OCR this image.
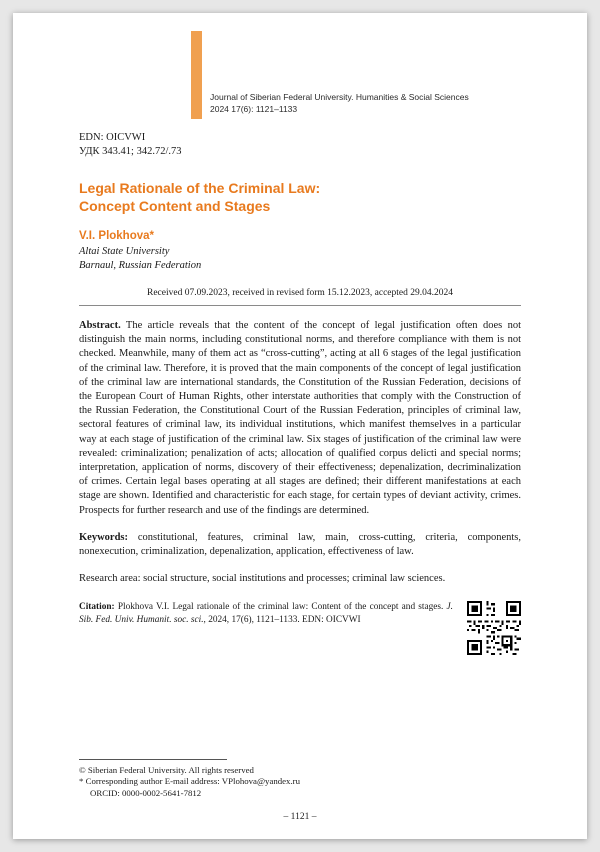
Journal of Siberian Federal University. Humanities & Social Sciences
2024 17(6): 1121–1133
EDN: OICVWI
УДК 343.41; 342.72/.73
Legal Rationale of the Criminal Law:
Concept Content and Stages
V.I. Plokhova*
Altai State University
Barnaul, Russian Federation
Received 07.09.2023, received in revised form 15.12.2023, accepted 29.04.2024

Abstract. The article reveals that the content of the concept of legal justification often does not distinguish the main norms, including constitutional norms, and therefore compliance with them is not checked. Meanwhile, many of them act as “cross-cutting”, acting at all 6 stages of the legal justification of the criminal law. Therefore, it is proved that the main components of the concept of legal justification of the criminal law are international standards, the Constitution of the Russian Federation, decisions of the European Court of Human Rights, other interstate authorities that comply with the Construction of the Russian Federation, the Constitutional Court of the Russian Federation, principles of criminal law, sectoral features of criminal law, its individual institutions, which manifest themselves in a particular way at each stage of justification of the criminal law. Six stages of justification of the criminal law were revealed: criminalization; penalization of acts; allocation of qualified corpus delicti and special norms; interpretation, application of norms, discovery of their effectiveness; depenalization, decriminalization of crimes. Certain legal bases operating at all stages are defined; their different manifestations at each stage are shown. Identified and characteristic for each stage, for certain types of deviant activity, crimes. Prospects for further research and use of the findings are determined.

Keywords: constitutional, features, criminal law, main, cross-cutting, criteria, components, nonexecution, criminalization, depenalization, application, effectiveness of law.

Research area: social structure, social institutions and processes; criminal law sciences.

Citation: Plokhova V.I. Legal rationale of the criminal law: Content of the concept and stages. J. Sib. Fed. Univ. Humanit. soc. sci., 2024, 17(6), 1121–1133. EDN: OICVWI

© Siberian Federal University. All rights reserved
* Corresponding author E-mail address: VPlohova@yandex.ru
ORCID: 0000-0002-5641-7812
– 1121 –
